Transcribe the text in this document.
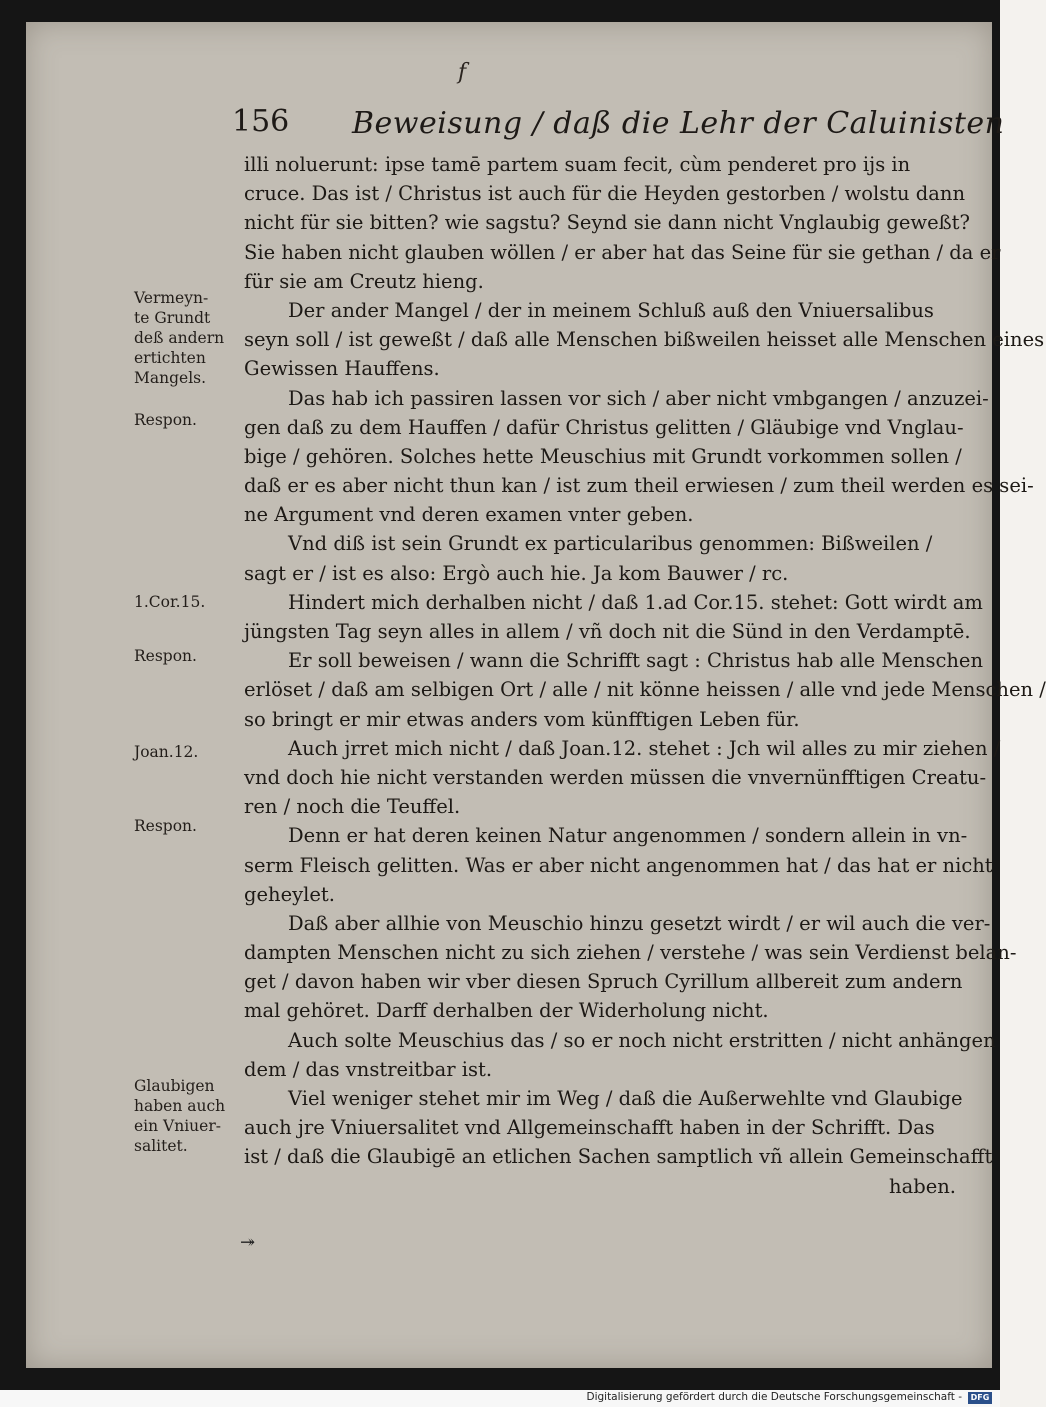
f
156 Beweisung / daß die Lehr der Caluinisten
Vermeyn-
te Grundt
deß andern
ertichten
Mangels.
Respon.
1.Cor.15.
Respon.
Joan.12.
Respon.
Glaubigen
haben auch
ein Vniuer-
salitet.
illi noluerunt: ipse tamē partem suam fecit, cùm penderet pro ijs in
cruce. Das ist / Christus ist auch für die Heyden gestorben / wolstu dann
nicht für sie bitten? wie sagstu? Seynd sie dann nicht Vnglaubig geweßt?
Sie haben nicht glauben wöllen / er aber hat das Seine für sie gethan / da er
für sie am Creutz hieng.
Der ander Mangel / der in meinem Schluß auß den Vniuersalibus
seyn soll / ist geweßt / daß alle Menschen bißweilen heisset alle Menschen eines
Gewissen Hauffens.
Das hab ich passiren lassen vor sich / aber nicht vmbgangen / anzuzei-
gen daß zu dem Hauffen / dafür Christus gelitten / Gläubige vnd Vnglau-
bige / gehören. Solches hette Meuschius mit Grundt vorkommen sollen /
daß er es aber nicht thun kan / ist zum theil erwiesen / zum theil werden es sei-
ne Argument vnd deren examen vnter geben.
Vnd diß ist sein Grundt ex particularibus genommen: Bißweilen /
sagt er / ist es also: Ergò auch hie. Ja kom Bauwer / rc.
Hindert mich derhalben nicht / daß 1.ad Cor.15. stehet: Gott wirdt am
jüngsten Tag seyn alles in allem / vñ doch nit die Sünd in den Verdamptē.
Er soll beweisen / wann die Schrifft sagt : Christus hab alle Menschen
erlöset / daß am selbigen Ort / alle / nit könne heissen / alle vnd jede Menschen /
so bringt er mir etwas anders vom künfftigen Leben für.
Auch jrret mich nicht / daß Joan.12. stehet : Jch wil alles zu mir ziehen /
vnd doch hie nicht verstanden werden müssen die vnvernünfftigen Creatu-
ren / noch die Teuffel.
Denn er hat deren keinen Natur angenommen / sondern allein in vn-
serm Fleisch gelitten. Was er aber nicht angenommen hat / das hat er nicht
geheylet.
Daß aber allhie von Meuschio hinzu gesetzt wirdt / er wil auch die ver-
dampten Menschen nicht zu sich ziehen / verstehe / was sein Verdienst belan-
get / davon haben wir vber diesen Spruch Cyrillum allbereit zum andern
mal gehöret. Darff derhalben der Widerholung nicht.
Auch solte Meuschius das / so er noch nicht erstritten / nicht anhängen
dem / das vnstreitbar ist.
Viel weniger stehet mir im Weg / daß die Außerwehlte vnd Glaubige
auch jre Vniuersalitet vnd Allgemeinschafft haben in der Schrifft. Das
ist / daß die Glaubigē an etlichen Sachen samptlich vñ allein Gemeinschafft
haben.
↠
Digitalisierung gefördert durch die Deutsche Forschungsgemeinschaft -	DFG
